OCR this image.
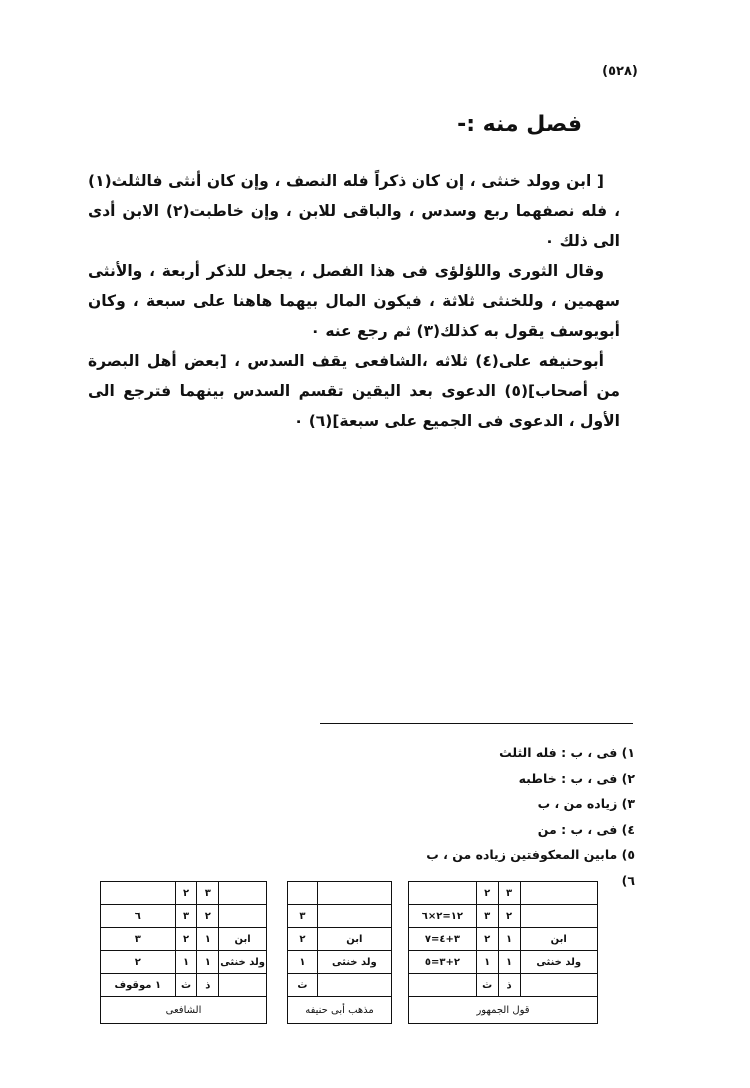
(٥٢٨)
فصل منه :-

[ ابن وولد خنثى ، إن كان ذكراً فله النصف ، وإن كان أنثى فالثلث(١) ، فله نصفهما ربع وسدس ، والباقى للابن ، وإن خاطبت(٢) الابن أدى الى ذلك ٠

وقال الثورى واللؤلؤى فى هذا الفصل ، يجعل للذكر أربعة ، والأنثى سهمين ، وللخنثى ثلاثة ، فيكون المال بيهما هاهنا على سبعة ، وكان أبويوسف يقول به كذلك(٣) ثم رجع عنه ٠

أبوحنيفه على(٤) ثلاثه ،الشافعى يقف السدس ، [بعض أهل البصرة من أصحاب](٥) الدعوى بعد اليقين تقسم السدس بينهما فترجع الى الأول ، الدعوى فى الجميع على سبعة](٦) ٠

١) فى ، ب : فله الثلث
٢) فى ، ب : خاطبه
٣) زياده من ، ب
٤) فى ، ب : من
٥) مابين المعكوفتين زياده من ، ب
٦)
	٣	٢	
	٢	٣	١٢=٢×٦
ابن	١	٢	٣+٤=٧
ولد خنثى	١	١	٢+٣=٥
	ذ	ث	
قول الجمهور			

	٣
ابن	٢
ولد خنثى	١
	ث
مذهب أبى حنيفه	
	٣	٢	
	٢	٣	٦
ابن	١	٢	٣
ولد خنثى	١	١	٢
	ذ	ث	١ موقوف
الشافعى			
